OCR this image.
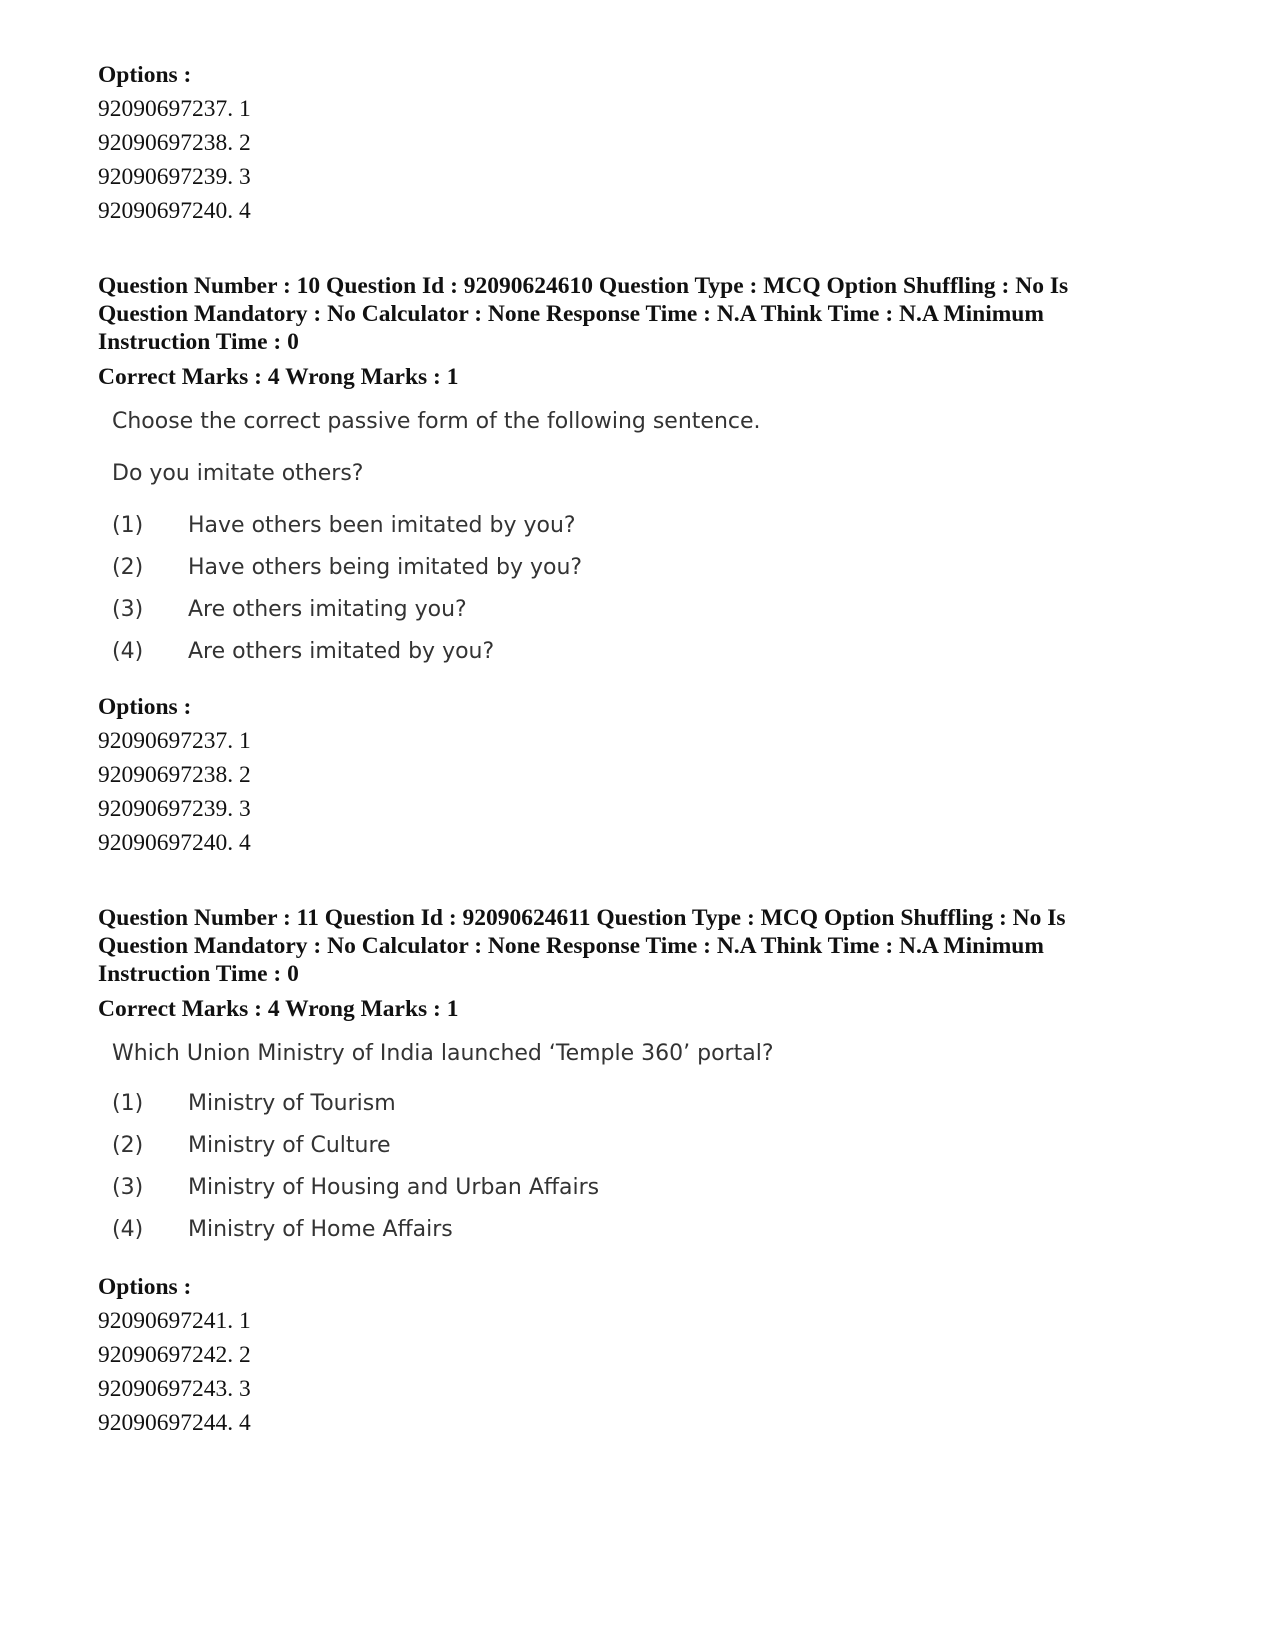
Options :
92090697237. 1
92090697238. 2
92090697239. 3
92090697240. 4
Question Number : 10 Question Id : 92090624610 Question Type : MCQ Option Shuffling : No Is Question Mandatory : No Calculator : None Response Time : N.A Think Time : N.A Minimum Instruction Time : 0
Correct Marks : 4 Wrong Marks : 1
Choose the correct passive form of the following sentence.
Do you imitate others?
(1)	Have others been imitated by you?
(2)	Have others being imitated by you?
(3)	Are others imitating you?
(4)	Are others imitated by you?
Options :
92090697237. 1
92090697238. 2
92090697239. 3
92090697240. 4
Question Number : 11 Question Id : 92090624611 Question Type : MCQ Option Shuffling : No Is Question Mandatory : No Calculator : None Response Time : N.A Think Time : N.A Minimum Instruction Time : 0
Correct Marks : 4 Wrong Marks : 1
Which Union Ministry of India launched ‘Temple 360’ portal?
(1)	Ministry of Tourism
(2)	Ministry of Culture
(3)	Ministry of Housing and Urban Affairs
(4)	Ministry of Home Affairs
Options :
92090697241. 1
92090697242. 2
92090697243. 3
92090697244. 4
